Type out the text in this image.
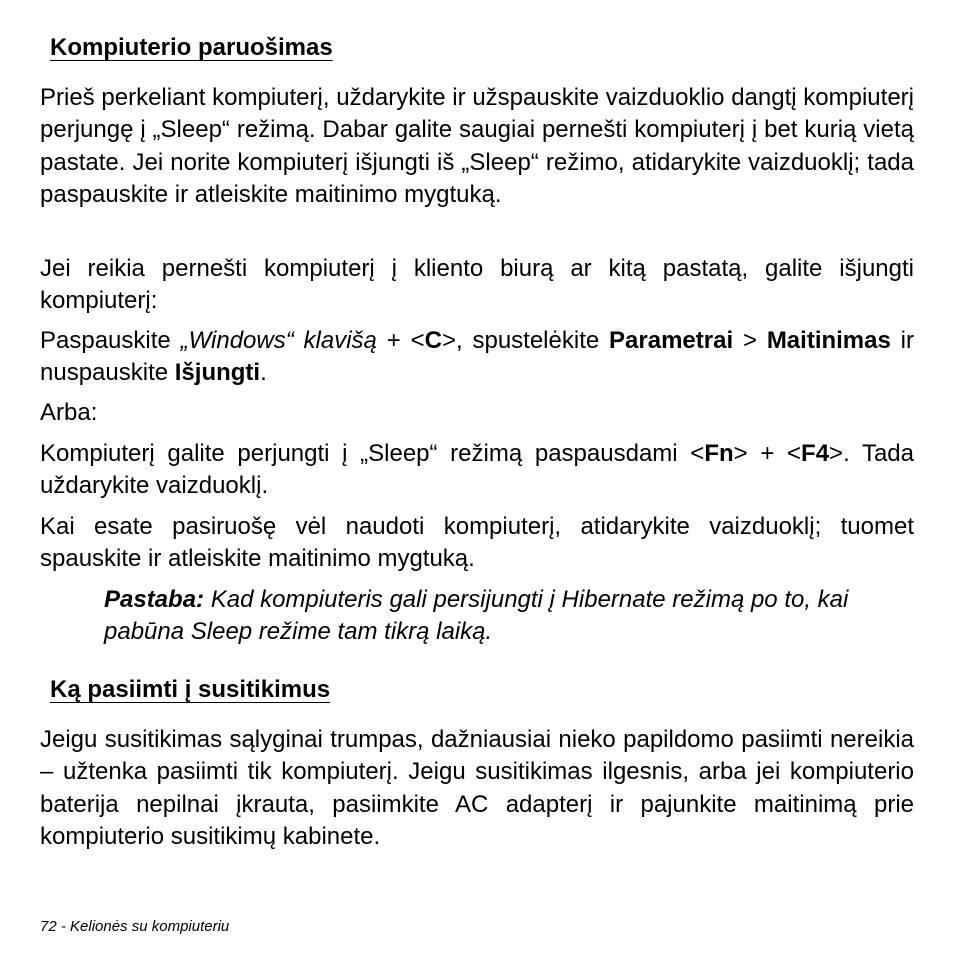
Kompiuterio paruošimas

Prieš perkeliant kompiuterį, uždarykite ir užspauskite vaizduoklio dangtį kompiuterį perjungę į „Sleep“ režimą. Dabar galite saugiai pernešti kompiuterį į bet kurią vietą pastate. Jei norite kompiuterį išjungti iš „Sleep“ režimo, atidarykite vaizduoklį; tada paspauskite ir atleiskite maitinimo mygtuką.

Jei reikia pernešti kompiuterį į kliento biurą ar kitą pastatą, galite išjungti kompiuterį:

Paspauskite „Windows“ klavišą + <C>, spustelėkite Parametrai > Maitinimas ir nuspauskite Išjungti.

Arba:

Kompiuterį galite perjungti į „Sleep“ režimą paspausdami <Fn> + <F4>. Tada uždarykite vaizduoklį.

Kai esate pasiruošę vėl naudoti kompiuterį, atidarykite vaizduoklį; tuomet spauskite ir atleiskite maitinimo mygtuką.

Pastaba: Kad kompiuteris gali persijungti į Hibernate režimą po to, kai pabūna Sleep režime tam tikrą laiką.

Ką pasiimti į susitikimus

Jeigu susitikimas sąlyginai trumpas, dažniausiai nieko papildomo pasiimti nereikia – užtenka pasiimti tik kompiuterį. Jeigu susitikimas ilgesnis, arba jei kompiuterio baterija nepilnai įkrauta, pasiimkite AC adapterį ir pajunkite maitinimą prie kompiuterio susitikimų kabinete.

72 - Kelionės su kompiuteriu
